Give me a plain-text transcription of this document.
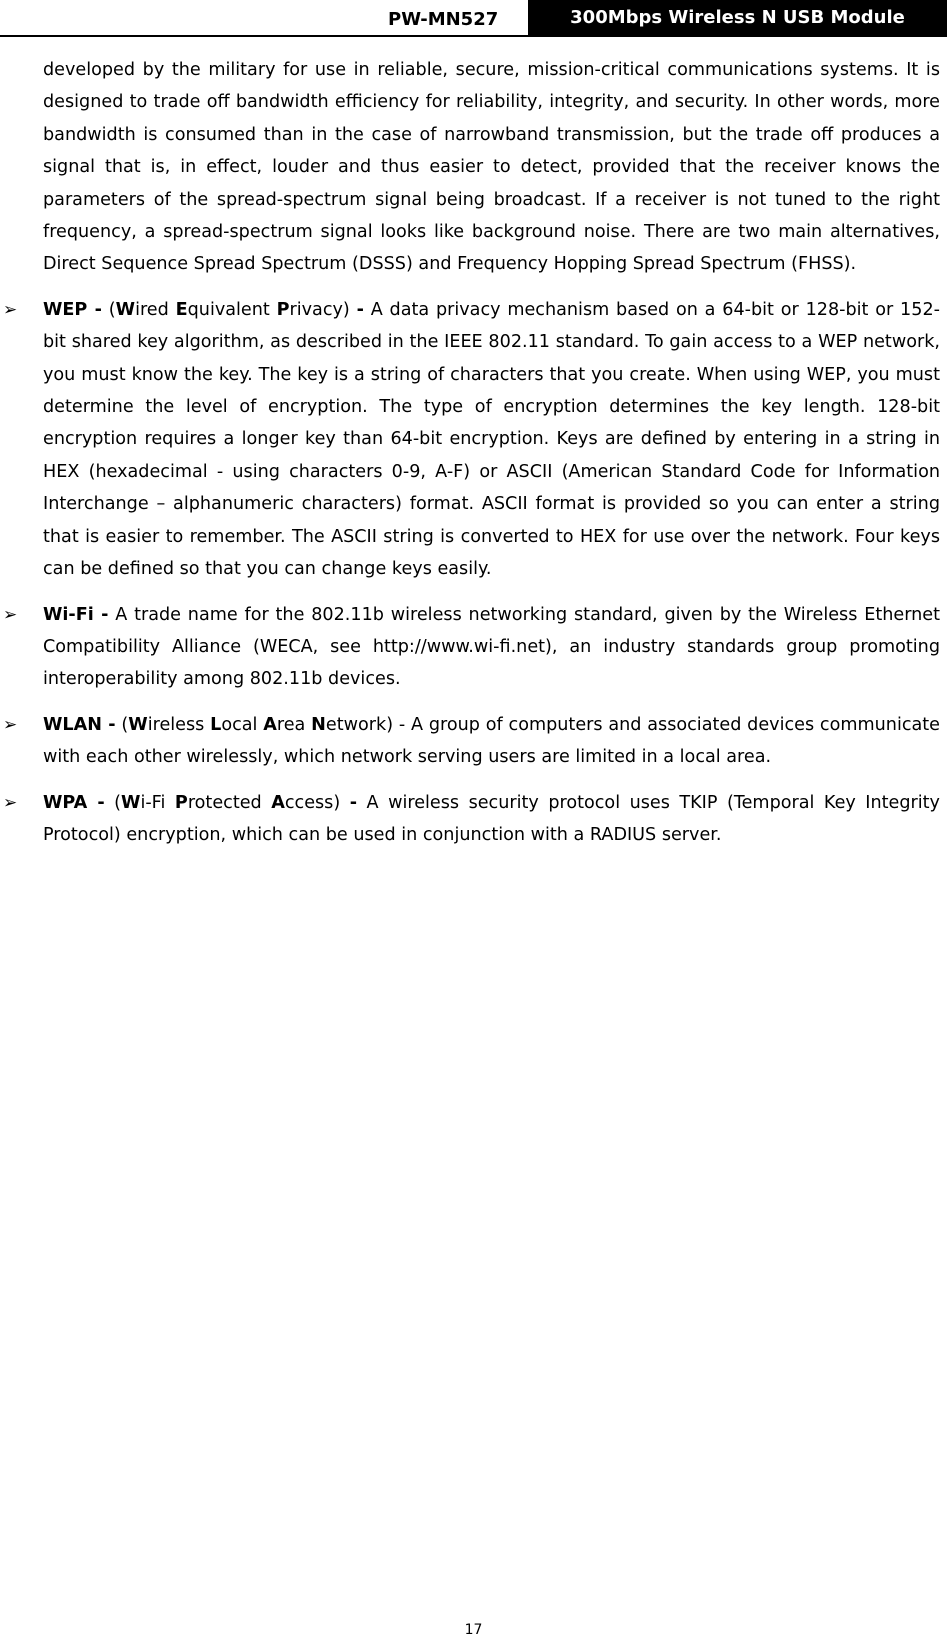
PW-MN527	300Mbps Wireless N USB Module

developed by the military for use in reliable, secure, mission-critical communications systems. It is designed to trade off bandwidth efficiency for reliability, integrity, and security. In other words, more bandwidth is consumed than in the case of narrowband transmission, but the trade off produces a signal that is, in effect, louder and thus easier to detect, provided that the receiver knows the parameters of the spread-spectrum signal being broadcast. If a receiver is not tuned to the right frequency, a spread-spectrum signal looks like background noise. There are two main alternatives, Direct Sequence Spread Spectrum (DSSS) and Frequency Hopping Spread Spectrum (FHSS).

➢ WEP - (Wired Equivalent Privacy) - A data privacy mechanism based on a 64-bit or 128-bit or 152-bit shared key algorithm, as described in the IEEE 802.11 standard. To gain access to a WEP network, you must know the key. The key is a string of characters that you create. When using WEP, you must determine the level of encryption. The type of encryption determines the key length. 128-bit encryption requires a longer key than 64-bit encryption. Keys are defined by entering in a string in HEX (hexadecimal - using characters 0-9, A-F) or ASCII (American Standard Code for Information Interchange – alphanumeric characters) format. ASCII format is provided so you can enter a string that is easier to remember. The ASCII string is converted to HEX for use over the network. Four keys can be defined so that you can change keys easily.
➢ Wi-Fi - A trade name for the 802.11b wireless networking standard, given by the Wireless Ethernet Compatibility Alliance (WECA, see http://www.wi-fi.net), an industry standards group promoting interoperability among 802.11b devices.
➢ WLAN - (Wireless Local Area Network) - A group of computers and associated devices communicate with each other wirelessly, which network serving users are limited in a local area.
➢ WPA - (Wi-Fi Protected Access) - A wireless security protocol uses TKIP (Temporal Key Integrity Protocol) encryption, which can be used in conjunction with a RADIUS server.
17
